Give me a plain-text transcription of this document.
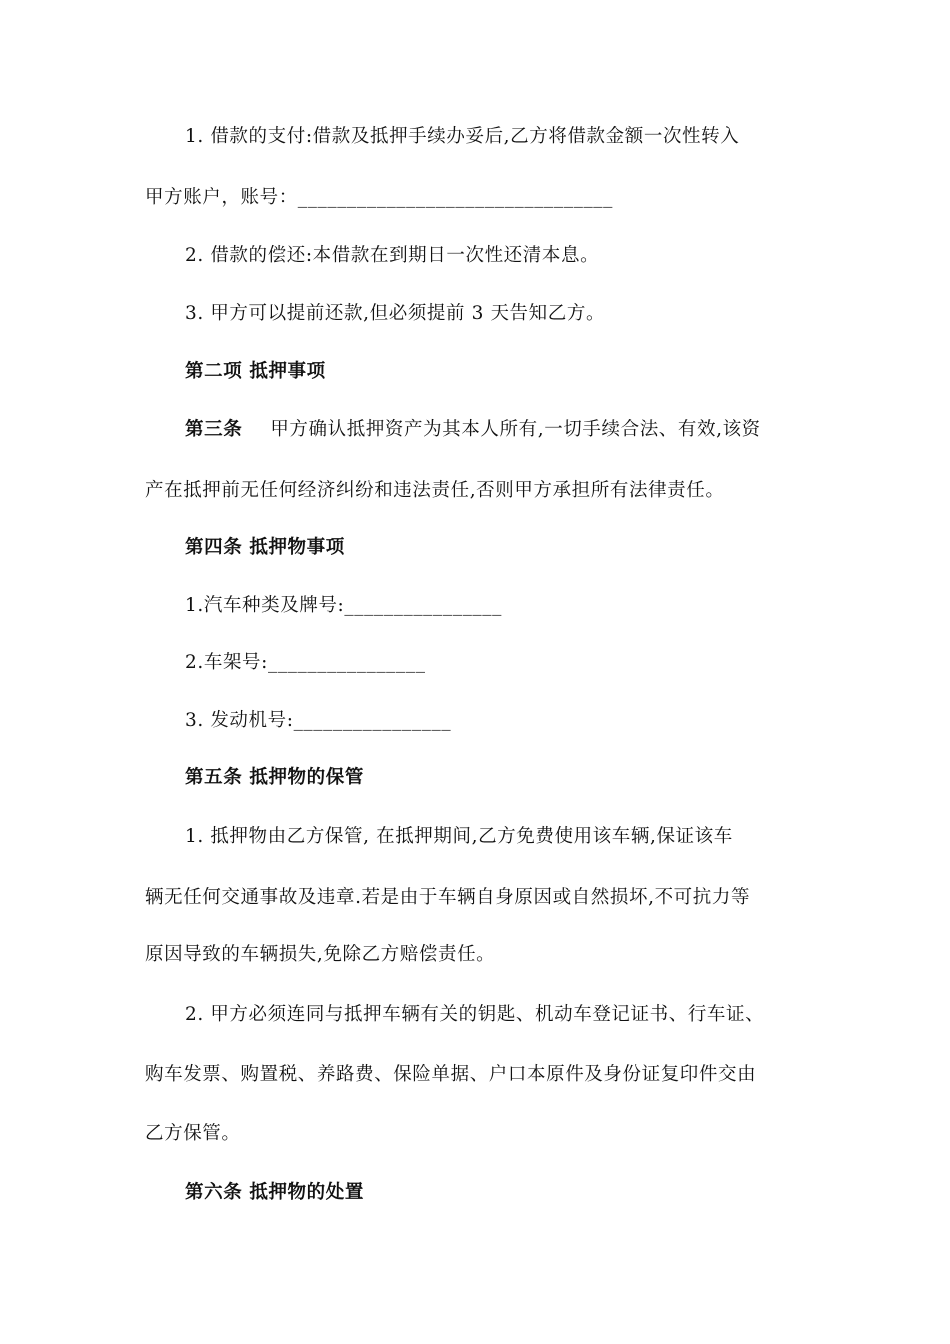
1. 借款的支付:借款及抵押手续办妥后,乙方将借款金额一次性转入
甲方账户，账号：________________________________
2. 借款的偿还:本借款在到期日一次性还清本息。
3. 甲方可以提前还款,但必须提前 3 天告知乙方。
第二项 抵押事项
第三条 甲方确认抵押资产为其本人所有,一切手续合法、有效,该资
产在抵押前无任何经济纠纷和违法责任,否则甲方承担所有法律责任。
第四条 抵押物事项
1.汽车种类及牌号:________________
2.车架号:________________
3. 发动机号:________________
第五条 抵押物的保管
1. 抵押物由乙方保管, 在抵押期间,乙方免费使用该车辆,保证该车
辆无任何交通事故及违章.若是由于车辆自身原因或自然损坏,不可抗力等
原因导致的车辆损失,免除乙方赔偿责任。
2. 甲方必须连同与抵押车辆有关的钥匙、机动车登记证书、行车证、
购车发票、购置税、养路费、保险单据、户口本原件及身份证复印件交由
乙方保管。
第六条 抵押物的处置
